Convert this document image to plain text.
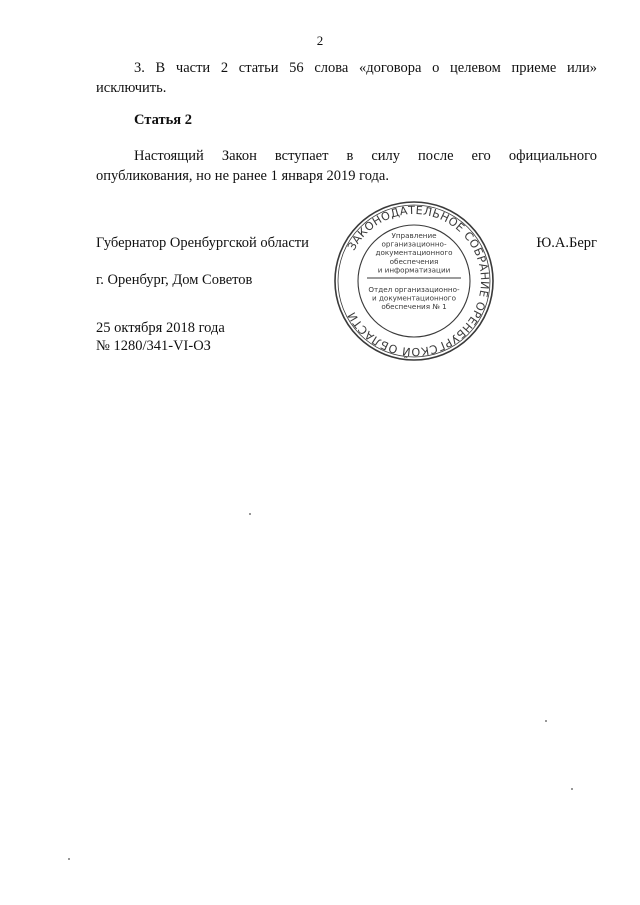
2
3. В части 2 статьи 56 слова «договора о целевом приеме или»
исключить.
Статья 2
Настоящий Закон вступает в силу после его официального
опубликования, но не ранее 1 января 2019 года.
Губернатор Оренбургской области	Ю.А.Берг
г. Оренбург, Дом Советов
25 октября 2018 года
№ 1280/341-VI-ОЗ
ЗАКОНОДАТЕЛЬНОЕ СОБРАНИЕ ОРЕНБУРГСКОЙ ОБЛАСТИ
Управление
организационно-
документационного
обеспечения
и информатизации
Отдел организационно-
и документационного
обеспечения № 1
